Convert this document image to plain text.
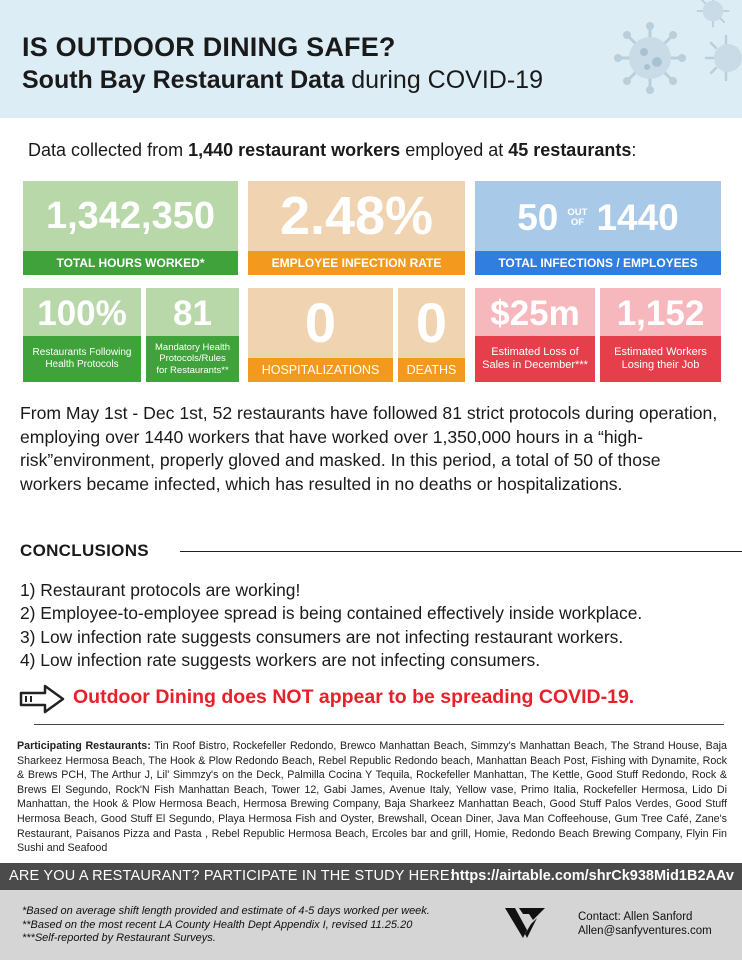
IS OUTDOOR DINING SAFE?
South Bay Restaurant Data during COVID-19
Data collected from 1,440 restaurant workers employed at 45 restaurants:
1,342,350
TOTAL HOURS WORKED*
2.48%
EMPLOYEE INFECTION RATE
50 OUT
OF 1440
TOTAL INFECTIONS / EMPLOYEES
100%
Restaurants Following
Health Protocols
81
Mandatory Health
Protocols/Rules
for Restaurants**
0
HOSPITALIZATIONS
0
DEATHS
$25m
Estimated Loss of
Sales in December***
1,152
Estimated Workers
Losing their Job

From May 1st - Dec 1st, 52 restaurants have followed 81 strict protocols during operation, employing over 1440 workers that have worked over 1,350,000 hours in a “high-risk”environment, properly gloved and masked. In this period, a total of 50 of those workers became infected, which has resulted in no deaths or hospitalizations.

CONCLUSIONS
1) Restaurant protocols are working!
2) Employee-to-employee spread is being contained effectively inside workplace.
3) Low infection rate suggests consumers are not infecting restaurant workers.
4) Low infection rate suggests workers are not infecting consumers.
Outdoor Dining does NOT appear to be spreading COVID-19.

Participating Restaurants: Tin Roof Bistro, Rockefeller Redondo, Brewco Manhattan Beach, Simmzy's Manhattan Beach, The Strand House, Baja Sharkeez Hermosa Beach, The Hook & Plow Redondo Beach, Rebel Republic Redondo beach, Manhattan Beach Post, Fishing with Dynamite, Rock & Brews PCH, The Arthur J, Lil' Simmzy's on the Deck, Palmilla Cocina Y Tequila, Rockefeller Manhattan, The Kettle, Good Stuff Redondo, Rock & Brews El Segundo, Rock'N Fish Manhattan Beach, Tower 12, Gabi James, Avenue Italy, Yellow vase, Primo Italia, Rockefeller Hermosa, Lido Di Manhattan, the Hook & Plow Hermosa Beach, Hermosa Brewing Company, Baja Sharkeez Manhattan Beach, Good Stuff Palos Verdes, Good Stuff Hermosa Beach, Good Stuff El Segundo, Playa Hermosa Fish and Oyster, Brewshall, Ocean Diner, Java Man Coffeehouse, Gum Tree Café, Zane's Restaurant, Paisanos Pizza and Pasta , Rebel Republic Hermosa Beach, Ercoles bar and grill, Homie, Redondo Beach Brewing Company, Flyin Fin Sushi and Seafood

ARE YOU A RESTAURANT? PARTICIPATE IN THE STUDY HERE:
https://airtable.com/shrCk938Mid1B2AAv
*Based on average shift length provided and estimate of 4-5 days worked per week.
**Based on the most recent LA County Health Dept Appendix I, revised 11.25.20
***Self-reported by Restaurant Surveys.
Contact: Allen Sanford
Allen@sanfyventures.com
